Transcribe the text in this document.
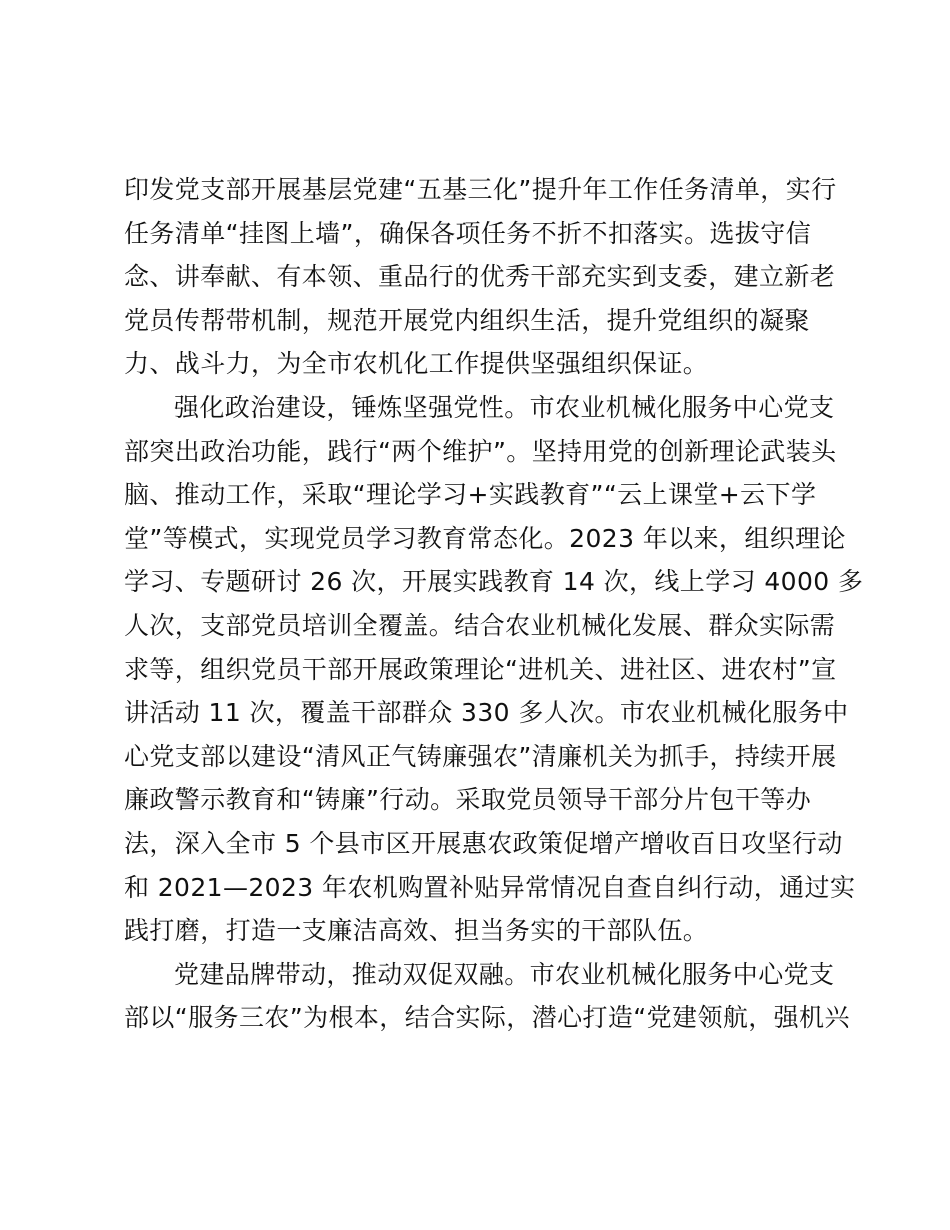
印发党支部开展基层党建“五基三化”提升年工作任务清单，实行
任务清单“挂图上墙”，确保各项任务不折不扣落实。选拔守信
念、讲奉献、有本领、重品行的优秀干部充实到支委，建立新老
党员传帮带机制，规范开展党内组织生活，提升党组织的凝聚
力、战斗力，为全市农机化工作提供坚强组织保证。
强化政治建设，锤炼坚强党性。市农业机械化服务中心党支
部突出政治功能，践行“两个维护”。坚持用党的创新理论武装头
脑、推动工作，采取“理论学习+实践教育”“云上课堂+云下学
堂”等模式，实现党员学习教育常态化。2023 年以来，组织理论
学习、专题研讨 26 次，开展实践教育 14 次，线上学习 4000 多
人次，支部党员培训全覆盖。结合农业机械化发展、群众实际需
求等，组织党员干部开展政策理论“进机关、进社区、进农村”宣
讲活动 11 次，覆盖干部群众 330 多人次。市农业机械化服务中
心党支部以建设“清风正气铸廉强农”清廉机关为抓手，持续开展
廉政警示教育和“铸廉”行动。采取党员领导干部分片包干等办
法，深入全市 5 个县市区开展惠农政策促增产增收百日攻坚行动
和 2021—2023 年农机购置补贴异常情况自查自纠行动，通过实
践打磨，打造一支廉洁高效、担当务实的干部队伍。
党建品牌带动，推动双促双融。市农业机械化服务中心党支
部以“服务三农”为根本，结合实际，潜心打造“党建领航，强机兴
